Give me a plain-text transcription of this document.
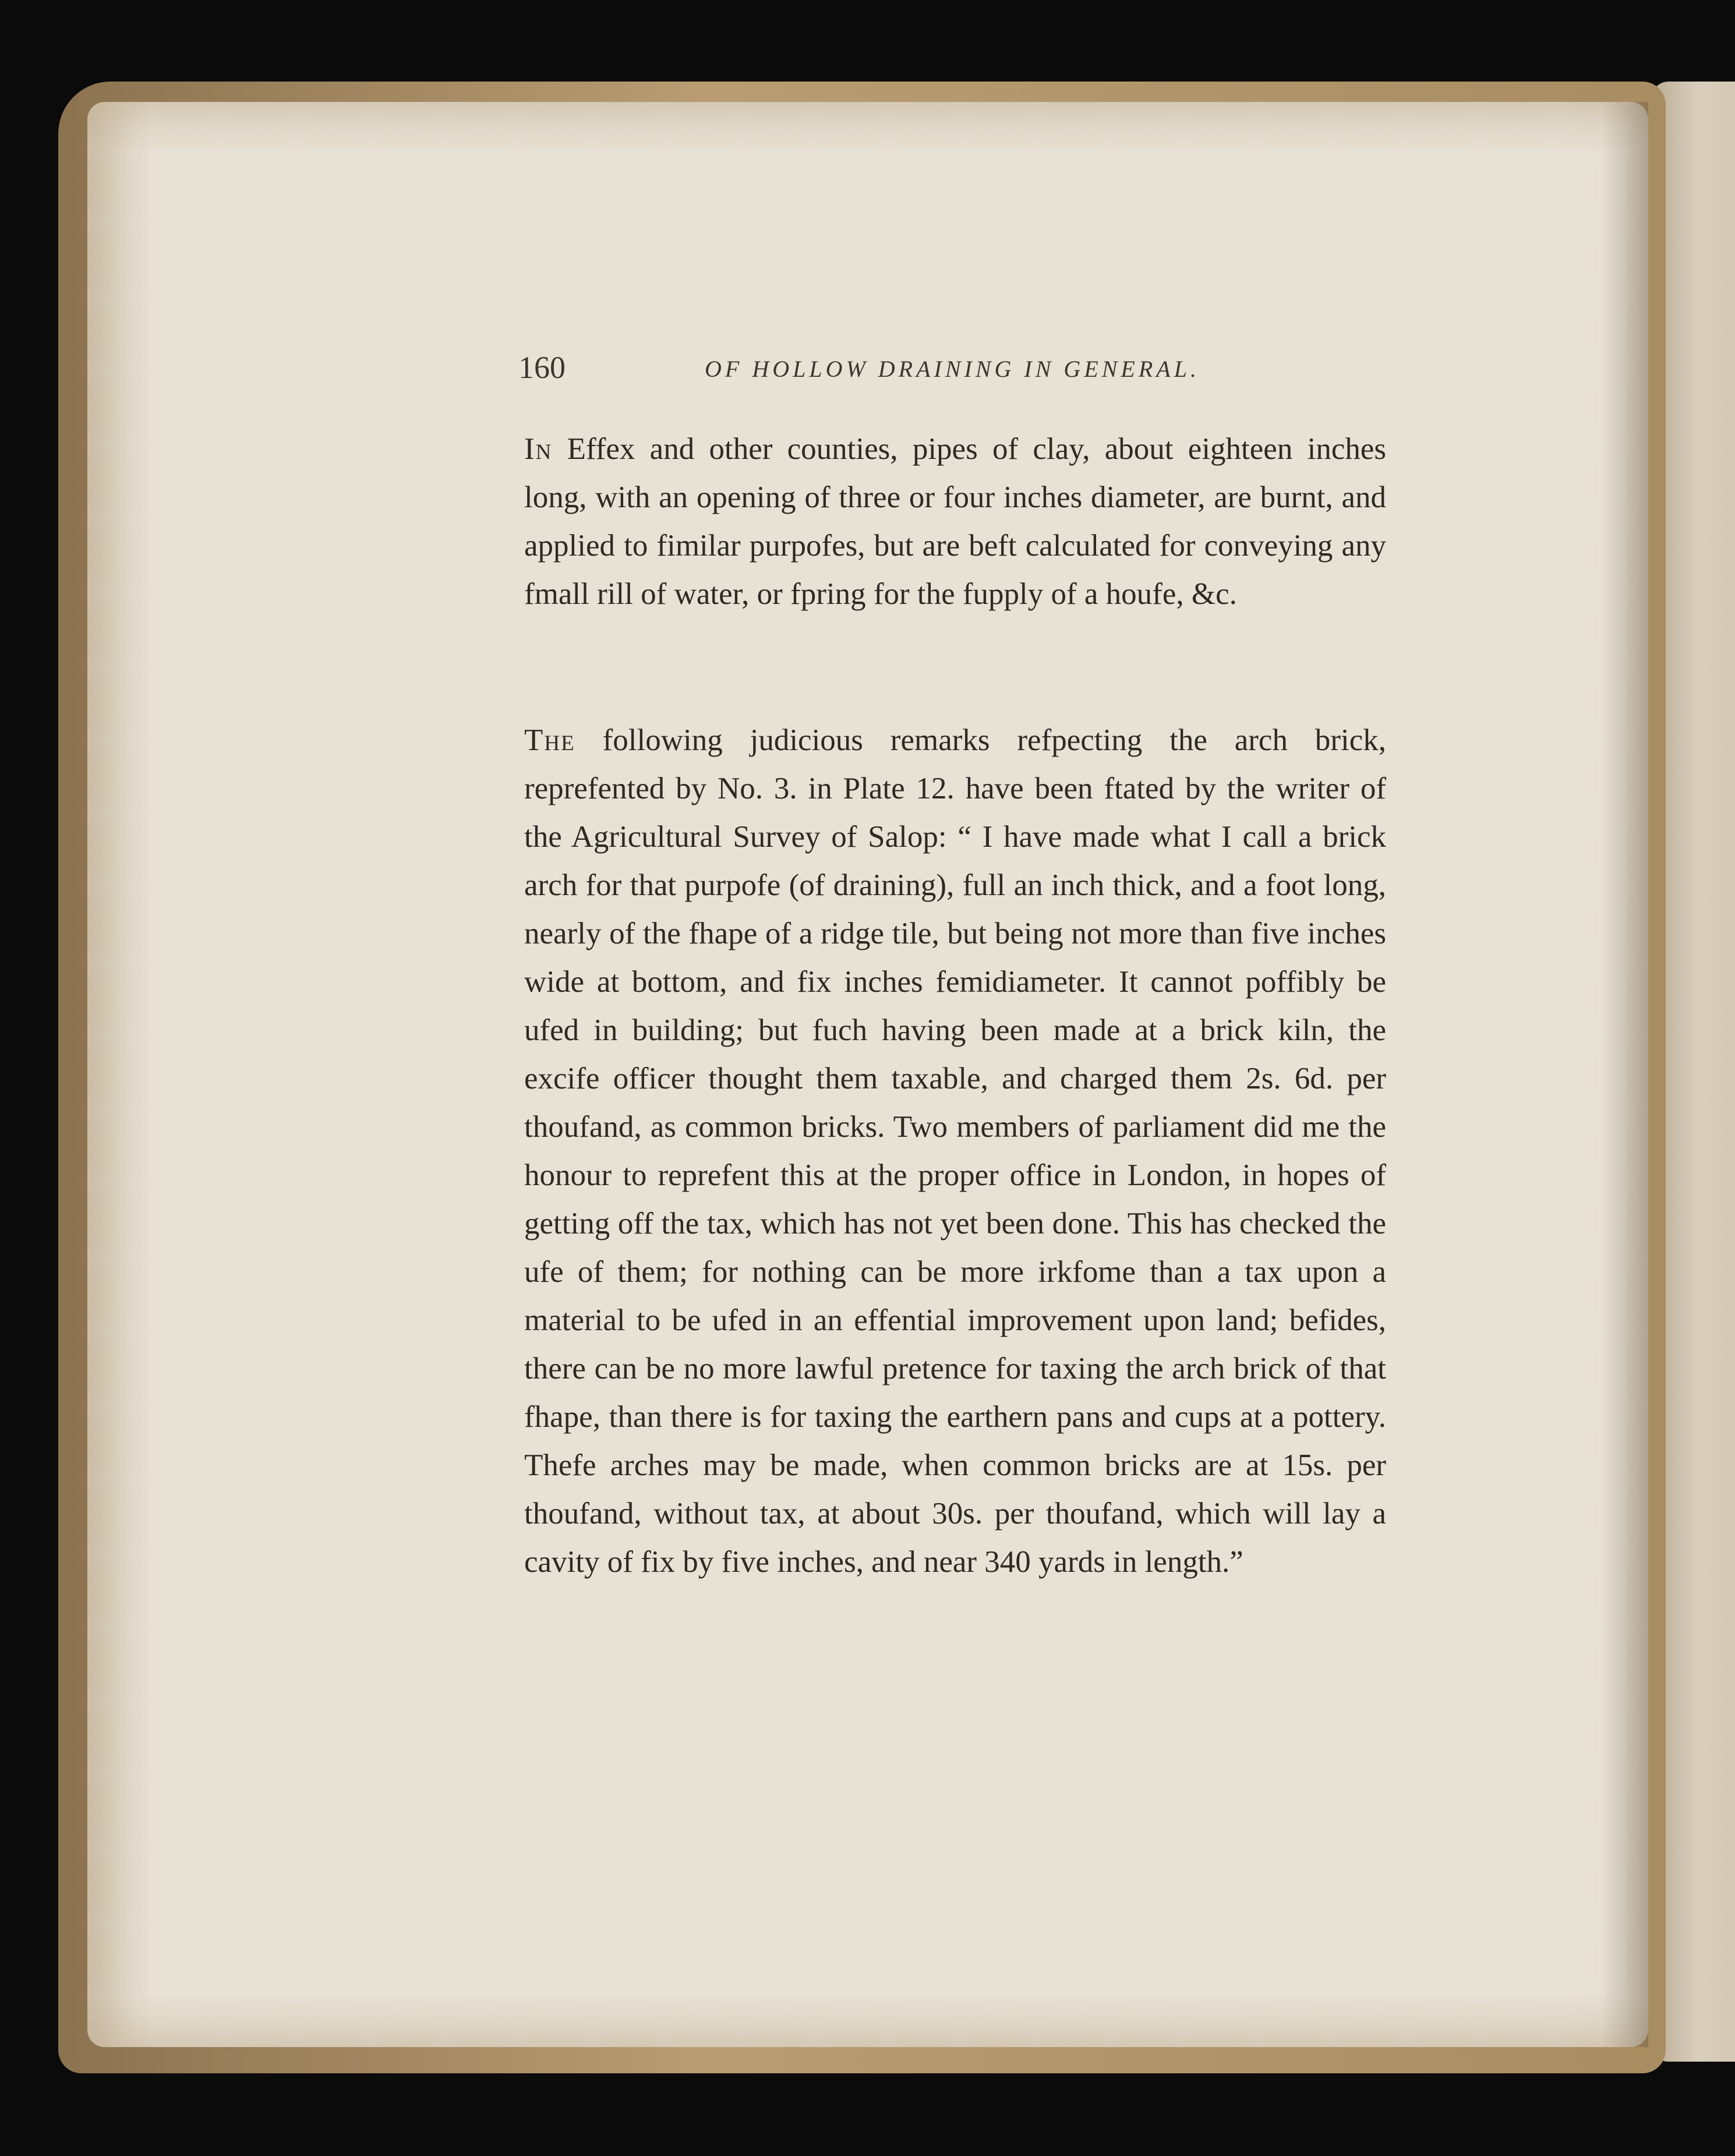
160	OF HOLLOW DRAINING IN GENERAL.

In Effex and other counties, pipes of clay, about eighteen inches long, with an opening of three or four inches diameter, are burnt, and applied to fimilar purpofes, but are beft calculated for conveying any fmall rill of water, or fpring for the fupply of a houfe, &c.

The following judicious remarks refpecting the arch brick, reprefented by No. 3. in Plate 12. have been ftated by the writer of the Agricultural Survey of Salop: “ I have made what I call a brick arch for that purpofe (of draining), full an inch thick, and a foot long, nearly of the fhape of a ridge tile, but being not more than five inches wide at bottom, and fix inches femidiameter. It cannot poffibly be ufed in building; but fuch having been made at a brick kiln, the excife officer thought them taxable, and charged them 2s. 6d. per thoufand, as common bricks. Two members of parliament did me the honour to reprefent this at the proper office in London, in hopes of getting off the tax, which has not yet been done. This has checked the ufe of them; for nothing can be more irkfome than a tax upon a material to be ufed in an effential improvement upon land; befides, there can be no more lawful pretence for taxing the arch brick of that fhape, than there is for taxing the earthern pans and cups at a pottery. Thefe arches may be made, when common bricks are at 15s. per thoufand, without tax, at about 30s. per thoufand, which will lay a cavity of fix by five inches, and near 340 yards in length.”
